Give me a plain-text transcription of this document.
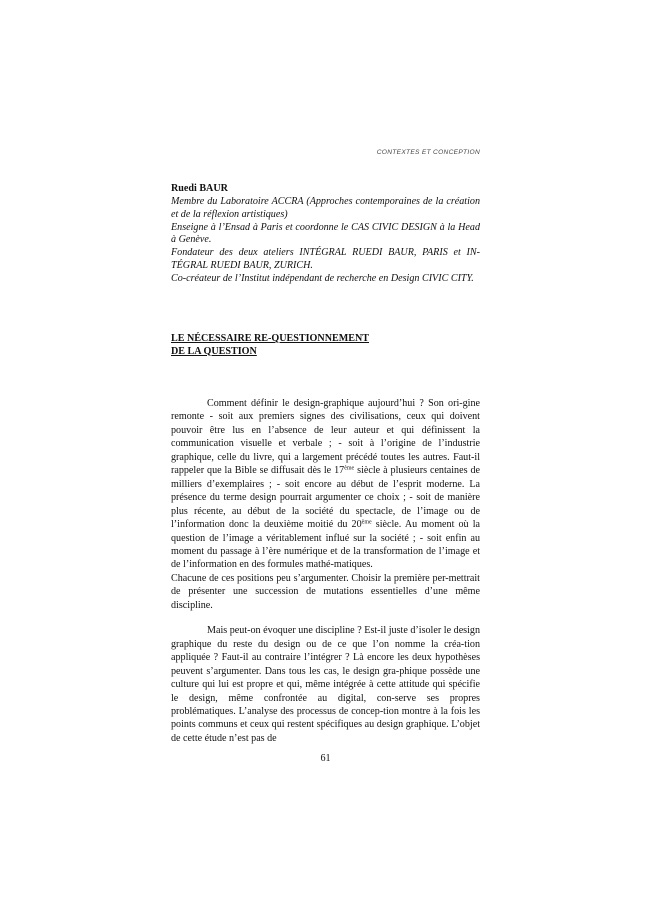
CONTEXTES ET CONCEPTION
Ruedi BAUR
Membre du Laboratoire ACCRA (Approches contemporaines de la création et de la réflexion artistiques)
Enseigne à l’Ensad à Paris et coordonne le CAS CIVIC DESIGN à la Head à Genève.
Fondateur des deux ateliers INTÉGRAL RUEDI BAUR, PARIS et IN-TÉGRAL RUEDI BAUR, ZURICH.
Co-créateur de l’Institut indépendant de recherche en Design CIVIC CITY.
LE NÉCESSAIRE RE-QUESTIONNEMENT
DE LA QUESTION

Comment définir le design-graphique aujourd’hui ? Son ori-gine remonte - soit aux premiers signes des civilisations, ceux qui doivent pouvoir être lus en l’absence de leur auteur et qui définissent la communication visuelle et verbale ; - soit à l’origine de l’industrie graphique, celle du livre, qui a largement précédé toutes les autres. Faut-il rappeler que la Bible se diffusait dès le 17ème siècle à plusieurs centaines de milliers d’exemplaires ; - soit encore au début de l’esprit moderne. La présence du terme design pourrait argumenter ce choix ; - soit de manière plus récente, au début de la société du spectacle, de l’image ou de l’information donc la deuxième moitié du 20ème siècle. Au moment où la question de l’image a véritablement influé sur la société ; - soit enfin au moment du passage à l’ère numérique et de la transformation de l’image et de l’information en des formules mathé-matiques.

Chacune de ces positions peu s’argumenter. Choisir la première per-mettrait de présenter une succession de mutations essentielles d’une même discipline.

Mais peut-on évoquer une discipline ? Est-il juste d’isoler le design graphique du reste du design ou de ce que l’on nomme la créa-tion appliquée ? Faut-il au contraire l’intégrer ? Là encore les deux hypothèses peuvent s’argumenter. Dans tous les cas, le design gra-phique possède une culture qui lui est propre et qui, même intégrée à cette attitude qui spécifie le design, même confrontée au digital, con-serve ses propres problématiques. L’analyse des processus de concep-tion montre à la fois les points communs et ceux qui restent spécifiques au design graphique. L’objet de cette étude n’est pas de

61
